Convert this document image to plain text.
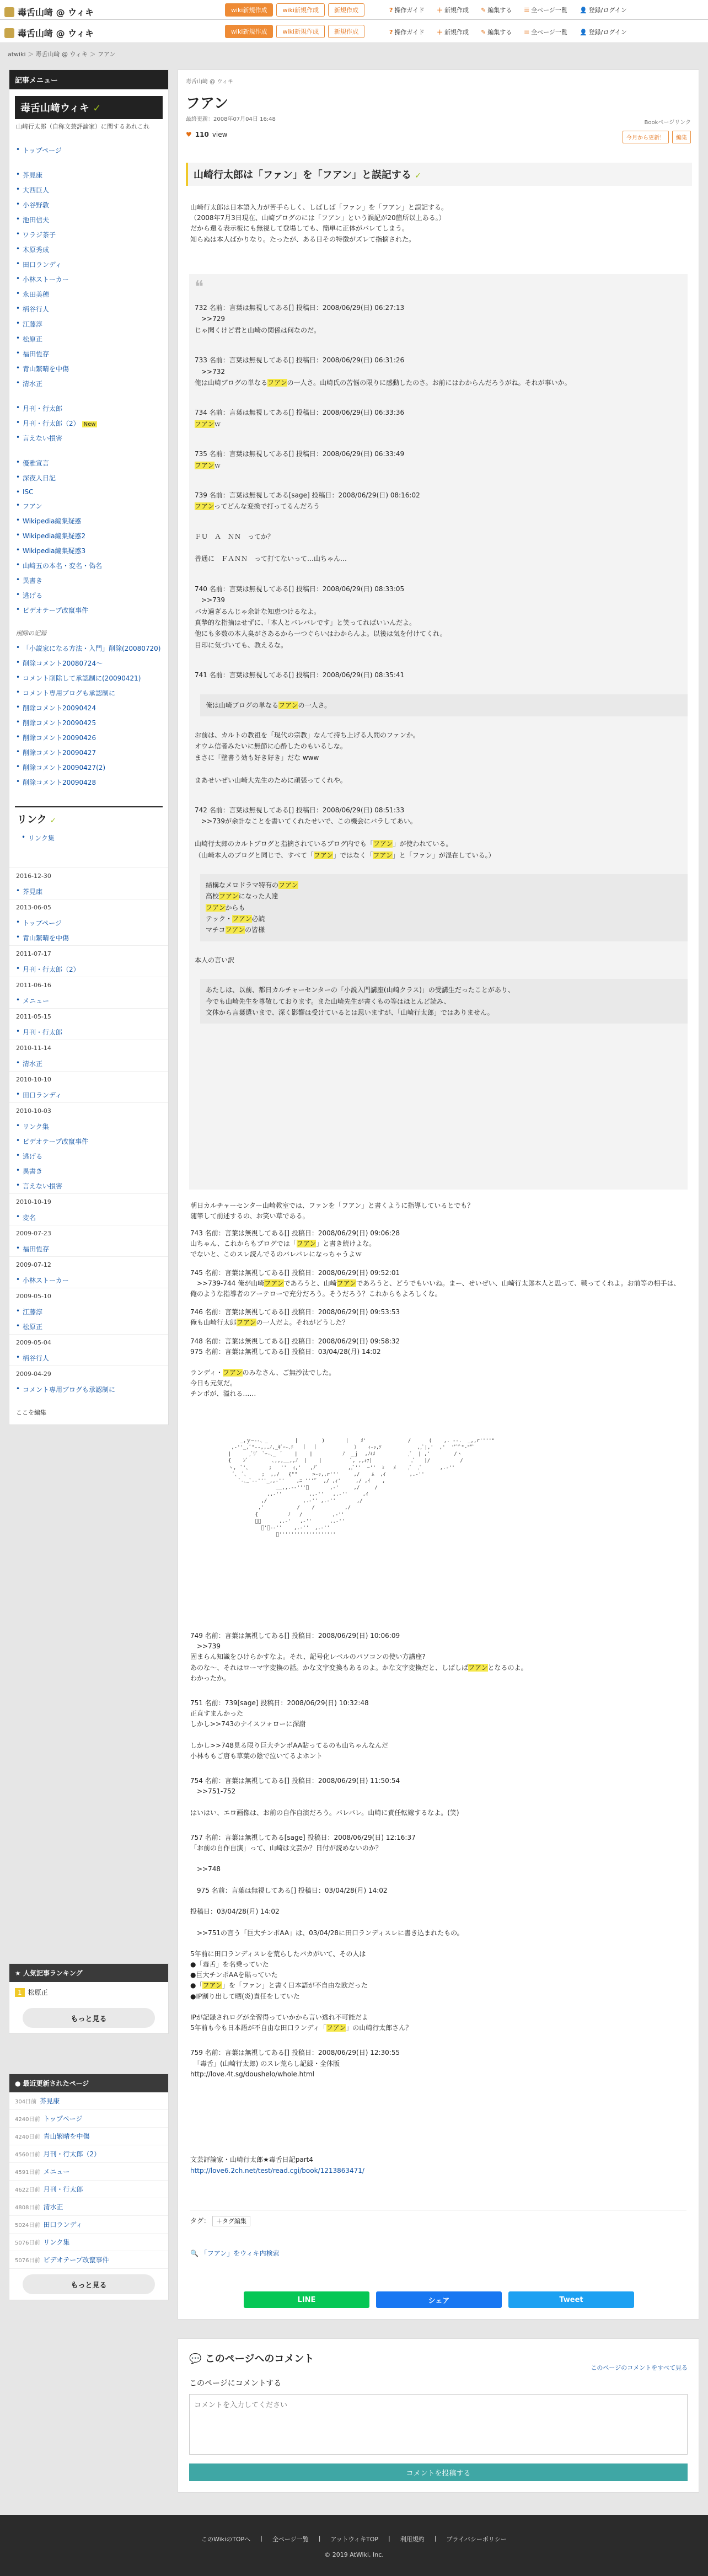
毒舌山﨑 @ ウィキ	wiki新規作成	wiki新規作成	新規作成	? 操作ガイド ＋ 新規作成 ✎ 編集する ☰ 全ページ一覧 👤 登録/ログイン
毒舌山﨑 @ ウィキ	wiki新規作成	wiki新規作成	新規作成	? 操作ガイド ＋ 新規作成 ✎ 編集する ☰ 全ページ一覧 👤 登録/ログイン
atwiki ＞ 毒舌山﨑 @ ウィキ ＞ フアン
記事メニュー
毒舌山﨑ウィキ ✓
山﨑行太郎（自称文芸評論家）に関するあれこれ
• トップページ
• 芥見康
• 大西巨人
• 小谷野敦
• 池田信夫
• ワラジ茶子
• 木原秀成
• 田口ランディ
• 小林ストーカー
• 永田美穂
• 柄谷行人
• 江藤淳
• 松原正
• 福田恆存
• 青山繁晴を中傷
• 清水正
• 月刊・行太郎
• 月刊・行太郎（2） New
• 言えない損害
• 優雅宣言
• 深夜人日記
• ISC
• フアン
• Wikipedia編集疑惑
• Wikipedia編集疑惑2
• Wikipedia編集疑惑3
• 山﨑五の本名・変名・偽名
• 異書き
• 逃げる
• ビデオテープ改竄事件
削除の記録
• 「小説家になる方法・入門」削除(20080720)
• 削除コメント20080724〜
• コメント削除して承認制に(20090421)
• コメント専用ブログも承認制に
• 削除コメント20090424
• 削除コメント20090425
• 削除コメント20090426
• 削除コメント20090427
• 削除コメント20090427(2)
• 削除コメント20090428
リンク ✓
• リンク集
2016-12-30
• 芥見康
2013-06-05
• トップページ
• 青山繁晴を中傷
2011-07-17
• 月刊・行太郎（2）
2011-06-16
• メニュー
2011-05-15
• 月刊・行太郎
2010-11-14
• 清水正
2010-10-10
• 田口ランディ
2010-10-03
• リンク集
• ビデオテープ改竄事件
• 逃げる
• 異書き
• 言えない損害
2010-10-19
• 変名
2009-07-23
• 福田恆存
2009-07-12
• 小林ストーカー
2009-05-10
• 江藤淳
• 松原正
2009-05-04
• 柄谷行人
2009-04-29
• コメント専用ブログも承認制に
ここを編集
★ 人気記事ランキング
1 松原正
もっと見る
● 最近更新されたページ
304日前 芥見康
4240日前 トップページ
4240日前 青山繁晴を中傷
4560日前 月刊・行太郎（2）
4591日前 メニュー
4622日前 月刊・行太郎
4808日前 清水正
5024日前 田口ランディ
5076日前 リンク集
5076日前 ビデオテープ改竄事件
もっと見る
毒舌山﨑 @ ウィキ
フアン
最終更新：2008年07月04日 16:48
♥ 110 view
Bookページリンク
今月から更新！	編集
山崎行太郎は「ファン」を「フアン」と誤記する ✓
山崎行太郎は日本語入力が苦手らしく、しばしば「ファン」を「フアン」と誤記する。
（2008年7月3日現在、山崎ブログのには「フアン」という誤記が20箇所以上ある。）
だから還る表示板にも無視して登場しても、簡単に正体がバレてしまう。
知らぬは本人ばかりなり。たったが、ある日その特徴がズレて指摘された。
❝
732 名前：言葉は無視してある[] 投稿日：2008/06/29(日) 06:27:13
　>>729
じゃ聞くけど君と山崎の関係は何なのだ。
733 名前：言葉は無視してある[] 投稿日：2008/06/29(日) 06:31:26
　>>732
俺は山崎ブログの単なるフアンの一人さ。山崎氏の苦悩の限りに感動したのさ。お前にはわからんだろうがね。それが事いか。
734 名前：言葉は無視してある[] 投稿日：2008/06/29(日) 06:33:36
フアンｗ
735 名前：言葉は無視してある[] 投稿日：2008/06/29(日) 06:33:49
フアンｗ
739 名前：言葉は無視してある[sage] 投稿日：2008/06/29(日) 08:16:02
フアンってどんな変換で打ってるんだろう
ＦＵ　Ａ　ＮＮ　ってか？

普通に　ＦＡＮＮ　って打てないって…山ちゃん…
740 名前：言葉は無視してある[] 投稿日：2008/06/29(日) 08:33:05
　>>739
バカ過ぎるんじゃ余計な知恵つけるなよ。
真摯的な指摘はせずに、「本人とバレバレです」と笑ってればいいんだよ。
他にも多数の本人臭がさあるから一つぐらいはわからんよ。以後は気を付けてくれ。
目印に気づいても、教えるな。
741 名前：言葉は無視してある[] 投稿日：2008/06/29(日) 08:35:41
俺は山崎ブログの単なるフアンの一人さ。
お前は、カルトの教祖を「現代の宗教」なんて持ち上げる人間のファンか。
オウム信者みたいに無節に心酔したのもいるしな。
まさに「壁書う効も好き好き」だな www

まあせいぜい山崎大先生のために頑張ってくれや。
742 名前：言葉は無視してある[] 投稿日：2008/06/29(日) 08:51:33
　>>739が余計なことを書いてくれたせいで、この機会にバラしてあい。

山崎行太郎のカルトブログと指摘されているブログ内でも「フアン」が使われている。
（山崎本人のブログと同じで、すべて「フアン」ではなく「フアン」と「ファン」が混在している。）
結構なメロドラマ特有のフアン
高校フアンになった人達
フアンからも
テック・フアン必読
マチコフアンの皆様
本人の言い訳
あたしは、以前、都日カルチャーセンターの「小説入門講座(山崎クラス)」の受講生だったことがあり、
今でも山崎先生を尊敬しております。また山崎先生が書くもの等はほとんど読み、
文体から言葉遣いまで、深く影響は受けているとは思いますが、「山崎行太郎」ではありません。
朝日カルチャーセンター山崎教室では、ファンを「フアン」と書くように指導しているとでも？
随筆して前述するの、お笑い草である。
743 名前：言葉は無視してある[] 投稿日：2008/06/29(日) 09:06:28
山ちゃん、これからもブログでは「フアン」と書き続けよな。
でないと、このスレ読んでるのバレバレになっちゃうよｗ
745 名前：言葉は無視してある[] 投稿日：2008/06/29(日) 09:52:01
　>>739-744 俺が山崎フアンであろうと、山崎フアンであろうと、どうでもいいね。まー、せいぜい、山崎行太郎本人と思って、戦ってくれよ。お前等の相手は、俺のような指導者のアーテローで充分だろう。そうだろう？これからもよろしくな。
746 名前：言葉は無視してある[] 投稿日：2008/06/29(日) 09:53:53
俺も山崎行太郎フアンの一人だよ。それがどうした？
748 名前：言葉は無視してある[] 投稿日：2008/06/29(日) 09:58:32
975 名前：言葉は無視してある[] 投稿日：03/04/28(月) 14:02

ランディ・フアンのみなさん、ご無沙汰でした。
今日も元気だ。
チンポが、溢れる……
_,ｙ―--、_         |        )       |    ﾒ'              /      (    ,. --.  _,,r''''"
,-''_,ﾞ"‐-,,.ﾉ,_ｷﾞｰ-､ﾆ   ｜  ｜            ）   ｨ-ｯ,ｿ            ,,ﾞ|,'  ,'  ''ﾞ'ﾞ"-""ﾞ
|      ,ﾞﾘﾞ  ﾞｰ-､_  ﾞ    |    |          ﾉ  _ｊ  ,ﾉﾐﾒ           ,ﾞ  | ,'        /ヽ
{    ﾝﾞ        ､,,,__,,ﾉ  |    |          ﾞ, ,,ｫｧ|             ,ﾞ   |/          /
ヽ,  ﾞ'、      ;   ''  ｨ,'   ,ﾉﾞ          ,,ﾞ''  ~''  ﾐ   ﾒ    ,ﾞ  ,ﾞ      ,.-''
ﾞ､  ﾞ､     ;  ,,/   {""     >‐ｯ,,r'''     ,/    ﾑ  ,ｲ        ,.-''
ﾞ‐､_ﾞ‐-'''_,,-''    ,ﾆ ''''ﾞ  ,/ ,ｨ'     ,/ ,ｲ    ,
__,,.-‐'''ﾞ       ,-'     ,/     /
,,-''         ,.-''   ,.-''     ,ｲ
,/            ,.-'' ,.-''       ,/
,'           /    /          ,/
{          ﾉ   /          ,-''
ﾞ､      ,.-'   ,-''      ,.-''
ﾞ'ｰ-‐''    ,.-''  ,.-''
ﾞ'''''''''''''''''''
749 名前：言葉は無視してある[] 投稿日：2008/06/29(日) 10:06:09
　>>739
固まらん知識をひけらかすなよ。それ、記号化レベルのパソコンの使い方講座?
あのな～、それはローマ字変換の話。かな文字変換もあるのよ。かな文字変換だと、しばしばフアンとなるのよ。
わかったか。
751 名前：739[sage] 投稿日：2008/06/29(日) 10:32:48
正直すまんかった
しかし>>743のナイスフォローに深謝

しかし>>748見る限り巨大チンポAA貼ってるのも山ちゃんなんだ
小林ももご唐も草葉の陰で泣いてるよホント
754 名前：言葉は無視してある[] 投稿日：2008/06/29(日) 11:50:54
　>>751-752

はいはい、エロ画像は、お前の自作自演だろう。バレバレ。山崎に責任転嫁するなよ。(笑)
757 名前：言葉は無視してある[sage] 投稿日：2008/06/29(日) 12:16:37
「お前の自作自演」って、山崎は文芸か？日付が読めないのか？

　>>748

　975 名前：言葉は無視してある[] 投稿日：03/04/28(月) 14:02

投稿日：03/04/28(月) 14:02

　>>751の言う「巨大チンポAA」は、03/04/28に田口ランディスレに書き込まれたもの。

5年前に田口ランディスレを荒らしたバカがいて、その人は
●「毒舌」を名乗っていた
●巨大チンポAAを貼っていた
●「フアン」を「ファン」と書く日本語が不自由な欧だった
●IP割り出して晒(炎)責任をしていた

IPが記録されログが全習得っていかから言い逃れ不可能だよ
5年前も今も日本語が不自由な田口ランディ「フアン」の山崎行太郎さん？
759 名前：言葉は無視してある[] 投稿日：2008/06/29(日) 12:30:55
　「毒舌」(山崎行太郎) のスレ荒らし記録・全体版
http://love.4t.sg/doushelo/whole.html
文芸評論家・山崎行太郎★毒舌日記part4
http://love6.2ch.net/test/read.cgi/book/1213863471/
タグ： ＋タグ編集
🔍 「フアン」をウィキ内検索
LINE	シェア	Tweet
💬 このページへのコメント
このページのコメントをすべて見る
このページにコメントする
コメントを入力してください
コメントを投稿する
このWikiのTOPへ | 全ページ一覧 | アットウィキTOP | 利用規約 | プライバシーポリシー
© 2019 AtWiki, Inc.
